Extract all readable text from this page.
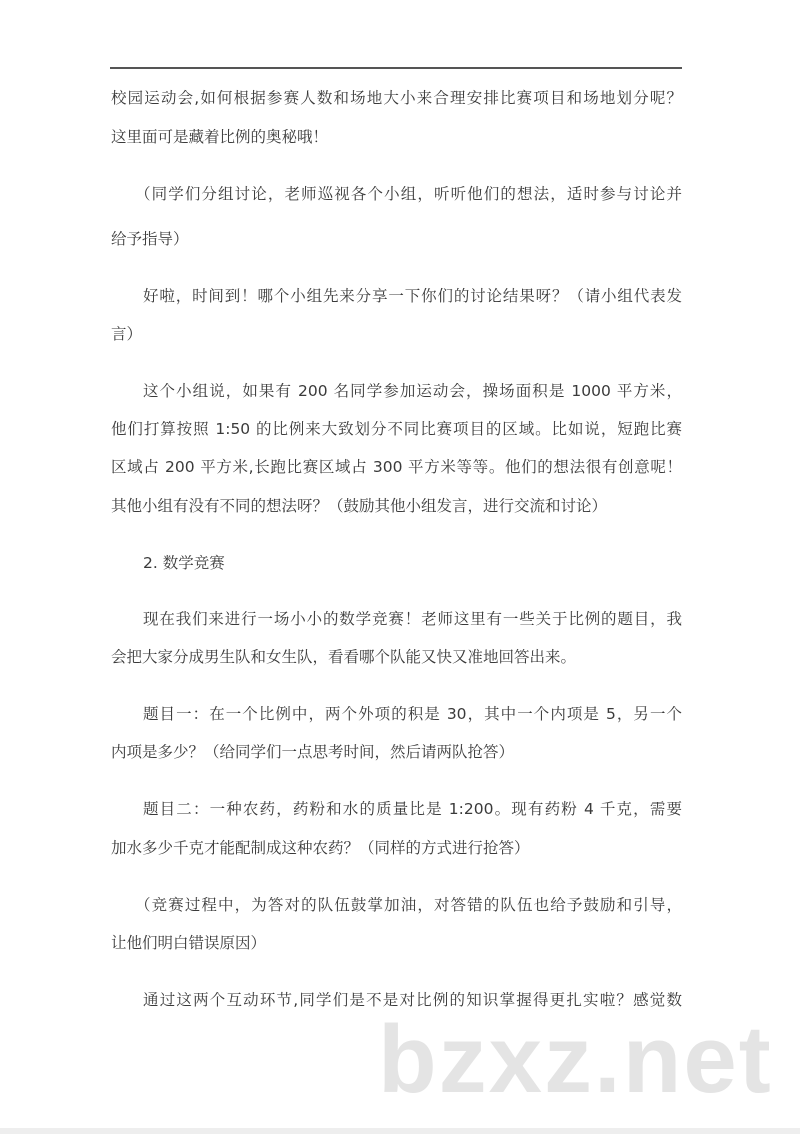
校园运动会,如何根据参赛人数和场地大小来合理安排比赛项目和场地划分呢？
这里面可是藏着比例的奥秘哦！
（同学们分组讨论，老师巡视各个小组，听听他们的想法，适时参与讨论并
给予指导）
好啦，时间到！哪个小组先来分享一下你们的讨论结果呀？（请小组代表发
言）
这个小组说，如果有 200 名同学参加运动会，操场面积是 1000 平方米，
他们打算按照 1:50 的比例来大致划分不同比赛项目的区域。比如说，短跑比赛
区域占 200 平方米,长跑比赛区域占 300 平方米等等。他们的想法很有创意呢！
其他小组有没有不同的想法呀？（鼓励其他小组发言，进行交流和讨论）
2. 数学竞赛
现在我们来进行一场小小的数学竞赛！老师这里有一些关于比例的题目，我
会把大家分成男生队和女生队，看看哪个队能又快又准地回答出来。
题目一：在一个比例中，两个外项的积是 30，其中一个内项是 5，另一个
内项是多少？（给同学们一点思考时间，然后请两队抢答）
题目二：一种农药，药粉和水的质量比是 1:200。现有药粉 4 千克，需要
加水多少千克才能配制成这种农药？（同样的方式进行抢答）
（竞赛过程中，为答对的队伍鼓掌加油，对答错的队伍也给予鼓励和引导，
让他们明白错误原因）
通过这两个互动环节,同学们是不是对比例的知识掌握得更扎实啦？感觉数
bzxz.net
